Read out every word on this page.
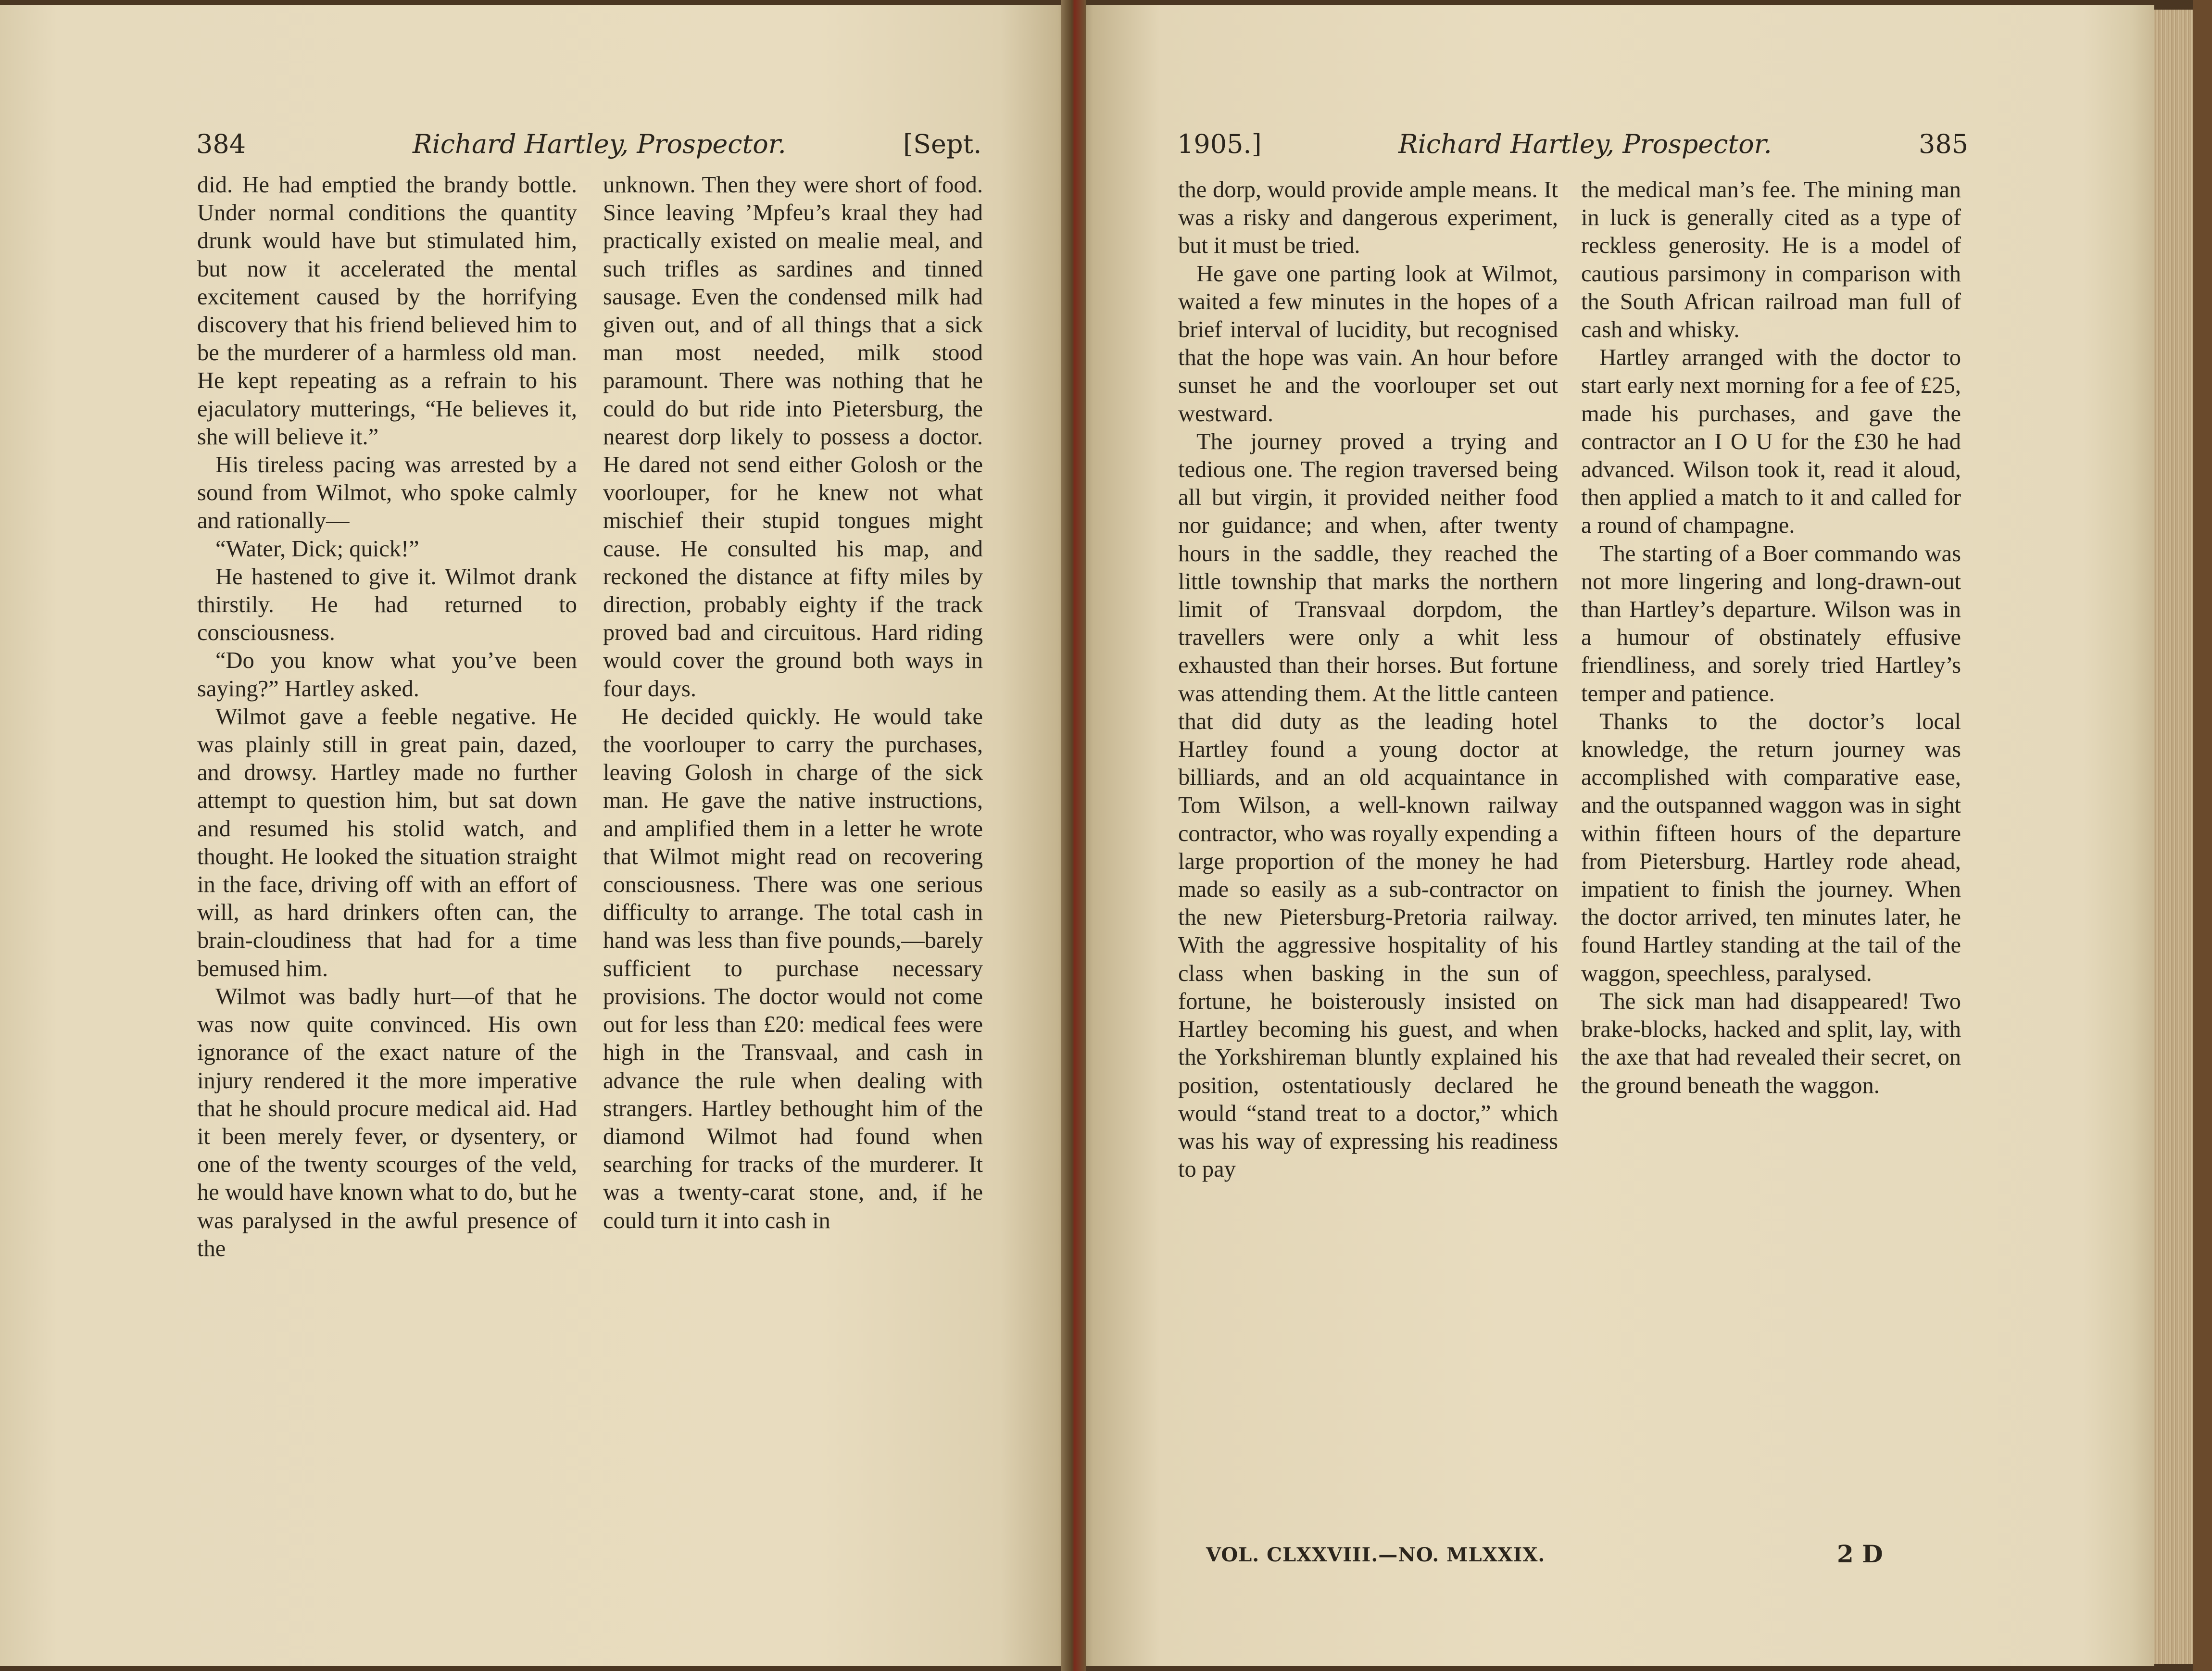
384	Richard Hartley, Prospector.	[Sept.

did. He had emptied the brandy bottle. Under normal conditions the quantity drunk would have but stimulated him, but now it accelerated the mental excitement caused by the horrifying discovery that his friend believed him to be the murderer of a harmless old man. He kept repeating as a refrain to his ejaculatory mutterings, “He believes it, she will believe it.”

His tireless pacing was arrested by a sound from Wilmot, who spoke calmly and rationally—

“Water, Dick; quick!”

He hastened to give it. Wilmot drank thirstily. He had returned to consciousness.

“Do you know what you’ve been saying?” Hartley asked.

Wilmot gave a feeble negative. He was plainly still in great pain, dazed, and drowsy. Hartley made no further attempt to question him, but sat down and resumed his stolid watch, and thought. He looked the situation straight in the face, driving off with an effort of will, as hard drinkers often can, the brain-cloudiness that had for a time bemused him.

Wilmot was badly hurt—of that he was now quite convinced. His own ignorance of the exact nature of the injury rendered it the more imperative that he should procure medical aid. Had it been merely fever, or dysentery, or one of the twenty scourges of the veld, he would have known what to do, but he was paralysed in the awful presence of the

unknown. Then they were short of food. Since leaving ’Mpfeu’s kraal they had practically existed on mealie meal, and such trifles as sardines and tinned sausage. Even the condensed milk had given out, and of all things that a sick man most needed, milk stood paramount. There was nothing that he could do but ride into Pietersburg, the nearest dorp likely to possess a doctor. He dared not send either Golosh or the voorlouper, for he knew not what mischief their stupid tongues might cause. He consulted his map, and reckoned the distance at fifty miles by direction, probably eighty if the track proved bad and circuitous. Hard riding would cover the ground both ways in four days.

He decided quickly. He would take the voorlouper to carry the purchases, leaving Golosh in charge of the sick man. He gave the native instructions, and amplified them in a letter he wrote that Wilmot might read on recovering consciousness. There was one serious difficulty to arrange. The total cash in hand was less than five pounds,—barely sufficient to purchase necessary provisions. The doctor would not come out for less than £20: medical fees were high in the Transvaal, and cash in advance the rule when dealing with strangers. Hartley bethought him of the diamond Wilmot had found when searching for tracks of the murderer. It was a twenty-carat stone, and, if he could turn it into cash in

1905.]	Richard Hartley, Prospector.	385

the dorp, would provide ample means. It was a risky and dangerous experiment, but it must be tried.

He gave one parting look at Wilmot, waited a few minutes in the hopes of a brief interval of lucidity, but recognised that the hope was vain. An hour before sunset he and the voorlouper set out westward.

The journey proved a trying and tedious one. The region traversed being all but virgin, it provided neither food nor guidance; and when, after twenty hours in the saddle, they reached the little township that marks the northern limit of Transvaal dorpdom, the travellers were only a whit less exhausted than their horses. But fortune was attending them. At the little canteen that did duty as the leading hotel Hartley found a young doctor at billiards, and an old acquaintance in Tom Wilson, a well-known railway contractor, who was royally expending a large proportion of the money he had made so easily as a sub-contractor on the new Pietersburg-Pretoria railway. With the aggressive hospitality of his class when basking in the sun of fortune, he boisterously insisted on Hartley becoming his guest, and when the Yorkshireman bluntly explained his position, ostentatiously declared he would “stand treat to a doctor,” which was his way of expressing his readiness to pay

the medical man’s fee. The mining man in luck is generally cited as a type of reckless generosity. He is a model of cautious parsimony in comparison with the South African railroad man full of cash and whisky.

Hartley arranged with the doctor to start early next morning for a fee of £25, made his purchases, and gave the contractor an I O U for the £30 he had advanced. Wilson took it, read it aloud, then applied a match to it and called for a round of champagne.

The starting of a Boer commando was not more lingering and long-drawn-out than Hartley’s departure. Wilson was in a humour of obstinately effusive friendliness, and sorely tried Hartley’s temper and patience.

Thanks to the doctor’s local knowledge, the return journey was accomplished with comparative ease, and the outspanned waggon was in sight within fifteen hours of the departure from Pietersburg. Hartley rode ahead, impatient to finish the journey. When the doctor arrived, ten minutes later, he found Hartley standing at the tail of the waggon, speechless, paralysed.

The sick man had disappeared! Two brake-blocks, hacked and split, lay, with the axe that had revealed their secret, on the ground beneath the waggon.

VOL. CLXXVIII.—NO. MLXXIX.	2 D
